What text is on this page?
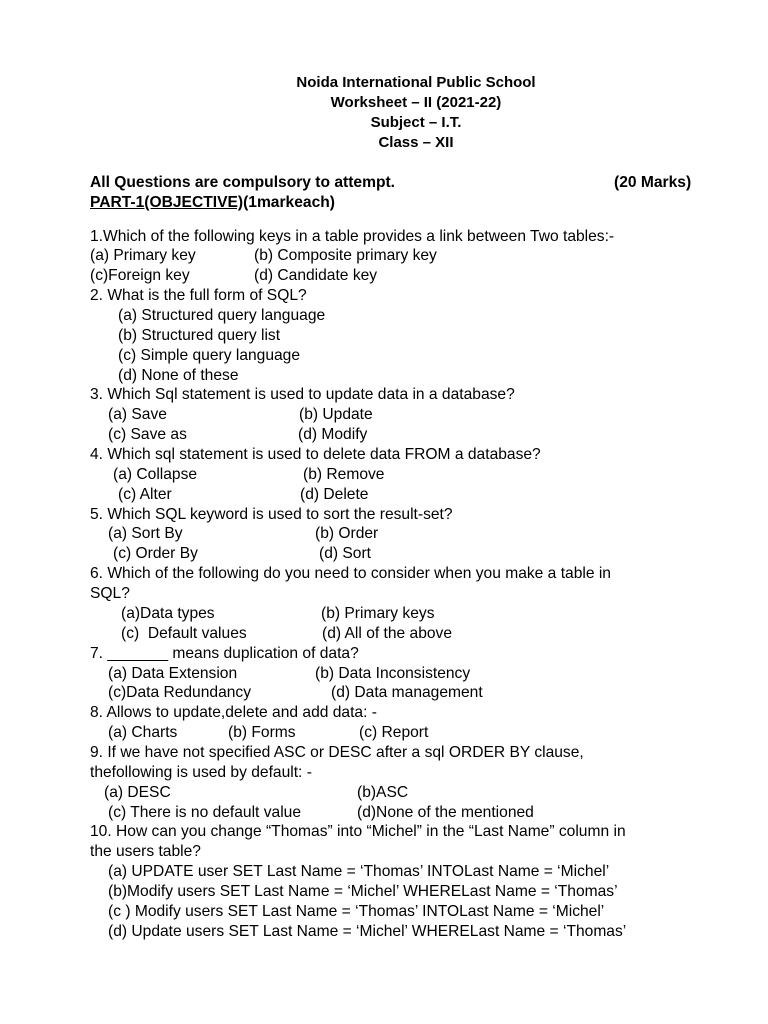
Noida International Public School
Worksheet – II (2021-22)
Subject – I.T.
Class – XII
All Questions are compulsory to attempt.	(20 Marks)
PART-1(OBJECTIVE)(1markeach)
1.Which of the following keys in a table provides a link between Two tables:-
(a) Primary key	(b) Composite primary key
(c)Foreign key	(d) Candidate key
2. What is the full form of SQL?
(a) Structured query language
(b) Structured query list
(c) Simple query language
(d) None of these
3. Which Sql statement is used to update data in a database?
(a) Save	(b) Update
(c) Save as	(d) Modify
4. Which sql statement is used to delete data FROM a database?
(a) Collapse	(b) Remove
(c) Alter	(d) Delete
5. Which SQL keyword is used to sort the result-set?
(a) Sort By	(b) Order
(c) Order By	(d) Sort
6. Which of the following do you need to consider when you make a table in
SQL?
(a)Data types	(b) Primary keys
(c)  Default values	(d) All of the above
7. _______ means duplication of data?
(a) Data Extension	(b) Data Inconsistency
(c)Data Redundancy	(d) Data management
8. Allows to update,delete and add data: -
(a) Charts	(b) Forms	(c) Report
9. If we have not specified ASC or DESC after a sql ORDER BY clause,
thefollowing is used by default: -
(a) DESC	(b)ASC
(c) There is no default value	(d)None of the mentioned
10. How can you change “Thomas” into “Michel” in the “Last Name” column in
the users table?
(a) UPDATE user SET Last Name = ‘Thomas’ INTOLast Name = ‘Michel’
(b)Modify users SET Last Name = ‘Michel’ WHERELast Name = ‘Thomas’
(c ) Modify users SET Last Name = ‘Thomas’ INTOLast Name = ‘Michel’
(d) Update users SET Last Name = ‘Michel’ WHERELast Name = ‘Thomas’
